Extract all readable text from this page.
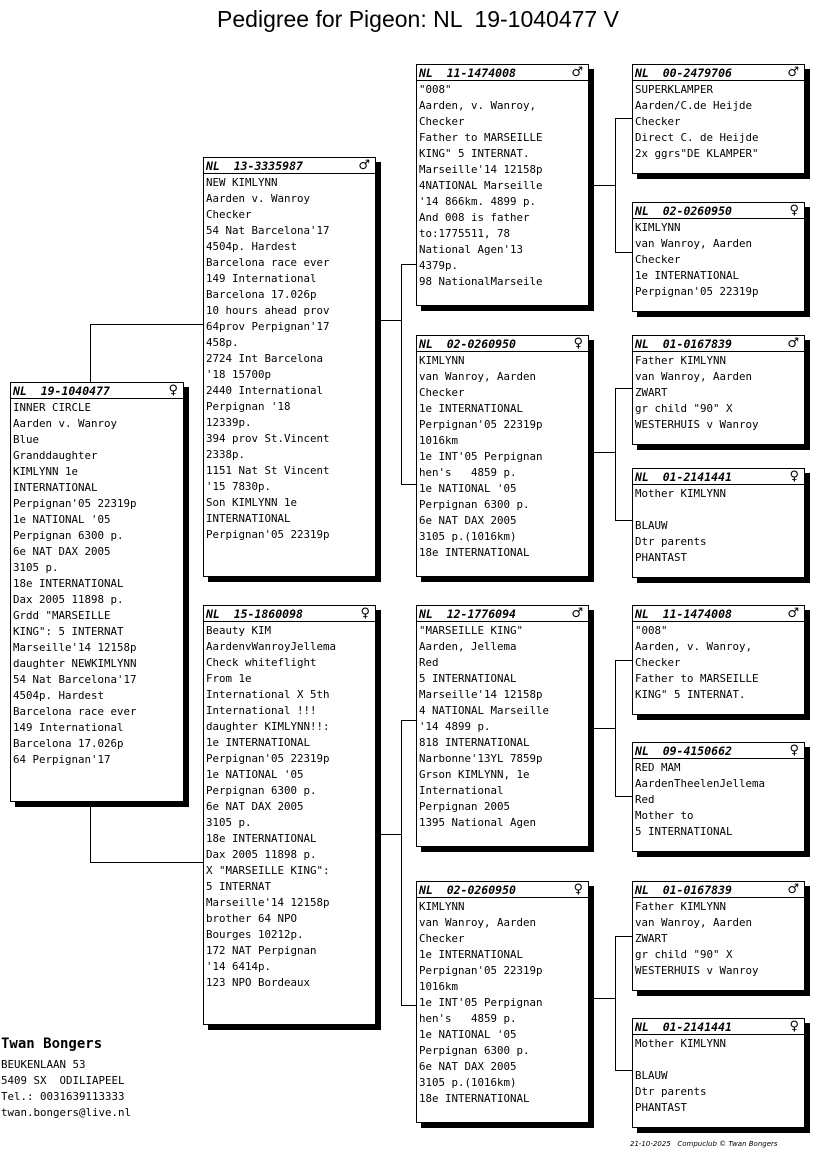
Pedigree for Pigeon: NL  19-1040477 V
NL  19-1040477	♀
INNER CIRCLE
Aarden v. Wanroy
Blue
Granddaughter
KIMLYNN 1e
INTERNATIONAL
Perpignan'05 22319p
1e NATIONAL '05
Perpignan 6300 p.
6e NAT DAX 2005
3105 p.
18e INTERNATIONAL
Dax 2005 11898 p.
Grdd "MARSEILLE
KING": 5 INTERNAT
Marseille'14 12158p
daughter NEWKIMLYNN
54 Nat Barcelona'17
4504p. Hardest
Barcelona race ever
149 International
Barcelona 17.026p
64 Perpignan'17
NL  13-3335987	♂
NEW KIMLYNN
Aarden v. Wanroy
Checker
54 Nat Barcelona'17
4504p. Hardest
Barcelona race ever
149 International
Barcelona 17.026p
10 hours ahead prov
64prov Perpignan'17
458p.
2724 Int Barcelona
'18 15700p
2440 International
Perpignan '18
12339p.
394 prov St.Vincent
2338p.
1151 Nat St Vincent
'15 7830p.
Son KIMLYNN 1e
INTERNATIONAL
Perpignan'05 22319p
NL  15-1860098	♀
Beauty KIM
AardenvWanroyJellema
Check whiteflight
From 1e
International X 5th
International !!!
daughter KIMLYNN!!:
1e INTERNATIONAL
Perpignan'05 22319p
1e NATIONAL '05
Perpignan 6300 p.
6e NAT DAX 2005
3105 p.
18e INTERNATIONAL
Dax 2005 11898 p.
X "MARSEILLE KING":
5 INTERNAT
Marseille'14 12158p
brother 64 NPO
Bourges 10212p.
172 NAT Perpignan
'14 6414p.
123 NPO Bordeaux
NL  11-1474008	♂
"008"
Aarden, v. Wanroy,
Checker
Father to MARSEILLE
KING" 5 INTERNAT.
Marseille'14 12158p
4NATIONAL Marseille
'14 866km. 4899 p.
And 008 is father
to:1775511, 78
National Agen'13
4379p.
98 NationalMarseile
NL  02-0260950	♀
KIMLYNN
van Wanroy, Aarden
Checker
1e INTERNATIONAL
Perpignan'05 22319p
1016km
1e INT'05 Perpignan
hen's   4859 p.
1e NATIONAL '05
Perpignan 6300 p.
6e NAT DAX 2005
3105 p.(1016km)
18e INTERNATIONAL
NL  12-1776094	♂
"MARSEILLE KING"
Aarden, Jellema
Red
5 INTERNATIONAL
Marseille'14 12158p
4 NATIONAL Marseille
'14 4899 p.
818 INTERNATIONAL
Narbonne'13YL 7859p
Grson KIMLYNN, 1e
International
Perpignan 2005
1395 National Agen
NL  02-0260950	♀
KIMLYNN
van Wanroy, Aarden
Checker
1e INTERNATIONAL
Perpignan'05 22319p
1016km
1e INT'05 Perpignan
hen's   4859 p.
1e NATIONAL '05
Perpignan 6300 p.
6e NAT DAX 2005
3105 p.(1016km)
18e INTERNATIONAL
NL  00-2479706	♂
SUPERKLAMPER
Aarden/C.de Heijde
Checker
Direct C. de Heijde
2x ggrs"DE KLAMPER"
NL  02-0260950	♀
KIMLYNN
van Wanroy, Aarden
Checker
1e INTERNATIONAL
Perpignan'05 22319p
NL  01-0167839	♂
Father KIMLYNN
van Wanroy, Aarden
ZWART
gr child "90" X
WESTERHUIS v Wanroy
NL  01-2141441	♀
Mother KIMLYNN
BLAUW
Dtr parents
PHANTAST
NL  11-1474008	♂
"008"
Aarden, v. Wanroy,
Checker
Father to MARSEILLE
KING" 5 INTERNAT.
NL  09-4150662	♀
RED MAM
AardenTheelenJellema
Red
Mother to
5 INTERNATIONAL
NL  01-0167839	♂
Father KIMLYNN
van Wanroy, Aarden
ZWART
gr child "90" X
WESTERHUIS v Wanroy
NL  01-2141441	♀
Mother KIMLYNN
BLAUW
Dtr parents
PHANTAST
Twan Bongers
BEUKENLAAN 53
5409 SX  ODILIAPEEL
Tel.: 0031639113333
twan.bongers@live.nl
21-10-2025   Compuclub © Twan Bongers
